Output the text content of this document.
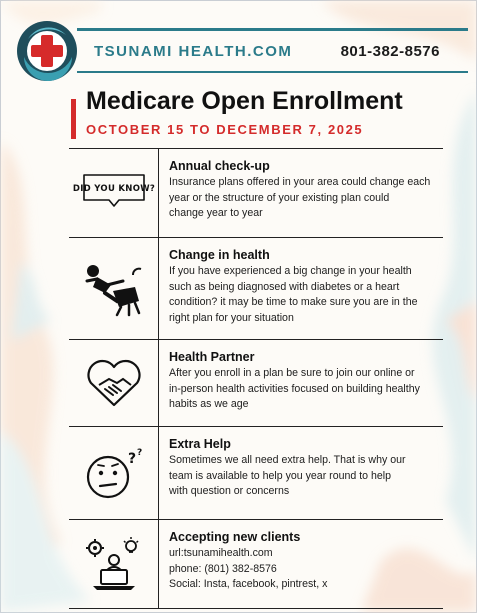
TSUNAMI HEALTH.COM	801-382-8576
Medicare Open Enrollment
OCTOBER 15 TO DECEMBER 7, 2025
DID YOU KNOW?
Annual check-up
Insurance plans offered in your area could change each
year or the structure of your existing plan could
change year to year
Change in health
If you have experienced a big change in your health
such as being diagnosed with diabetes or a heart
condition? it may be time to make sure you are in the
right plan for your situation
Health Partner
After you enroll in a plan be sure to join our online or
in-person health activities focused on building healthy
habits as we age
? ?
Extra Help
Sometimes we all need extra help. That is why our
team is available to help you year round to help
with question or concerns
Accepting new clients
url:tsunamihealth.com
phone: (801) 382-8576
Social: Insta, facebook, pintrest, x
